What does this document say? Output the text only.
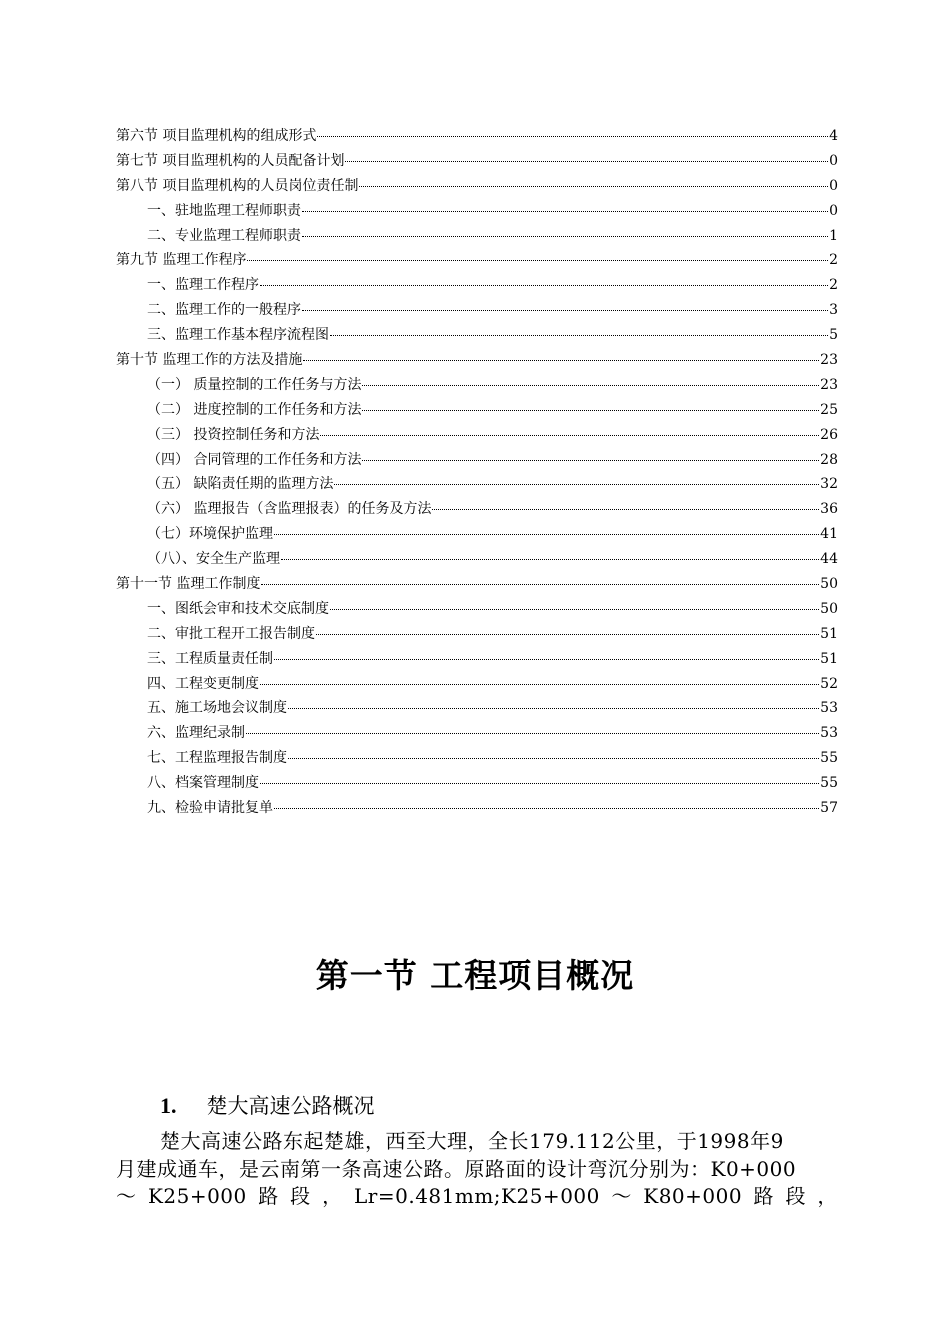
第六节 项目监理机构的组成形式	4
第七节 项目监理机构的人员配备计划	0
第八节 项目监理机构的人员岗位责任制	0
一、驻地监理工程师职责	0
二、专业监理工程师职责	1
第九节 监理工作程序	2
一、监理工作程序	2
二、监理工作的一般程序	3
三、监理工作基本程序流程图	5
第十节 监理工作的方法及措施	23
（一） 质量控制的工作任务与方法	23
（二） 进度控制的工作任务和方法	25
（三） 投资控制任务和方法	26
（四） 合同管理的工作任务和方法	28
（五） 缺陷责任期的监理方法	32
（六） 监理报告（含监理报表）的任务及方法	36
（七）环境保护监理	41
（八）、安全生产监理	44
第十一节 监理工作制度	50
一、图纸会审和技术交底制度	50
二、审批工程开工报告制度	51
三、工程质量责任制	51
四、工程变更制度	52
五、施工场地会议制度	53
六、监理纪录制	53
七、工程监理报告制度	55
八、档案管理制度	55
九、检验申请批复单	57
第一节 工程项目概况
1. 楚大高速公路概况
楚大高速公路东起楚雄，西至大理，全长179.112公里，于1998年9
月建成通车，是云南第一条高速公路。原路面的设计弯沉分别为：K0+000
～ K25+000 路 段 ， Lr=0.481mm;K25+000 ～ K80+000 路 段 ，
